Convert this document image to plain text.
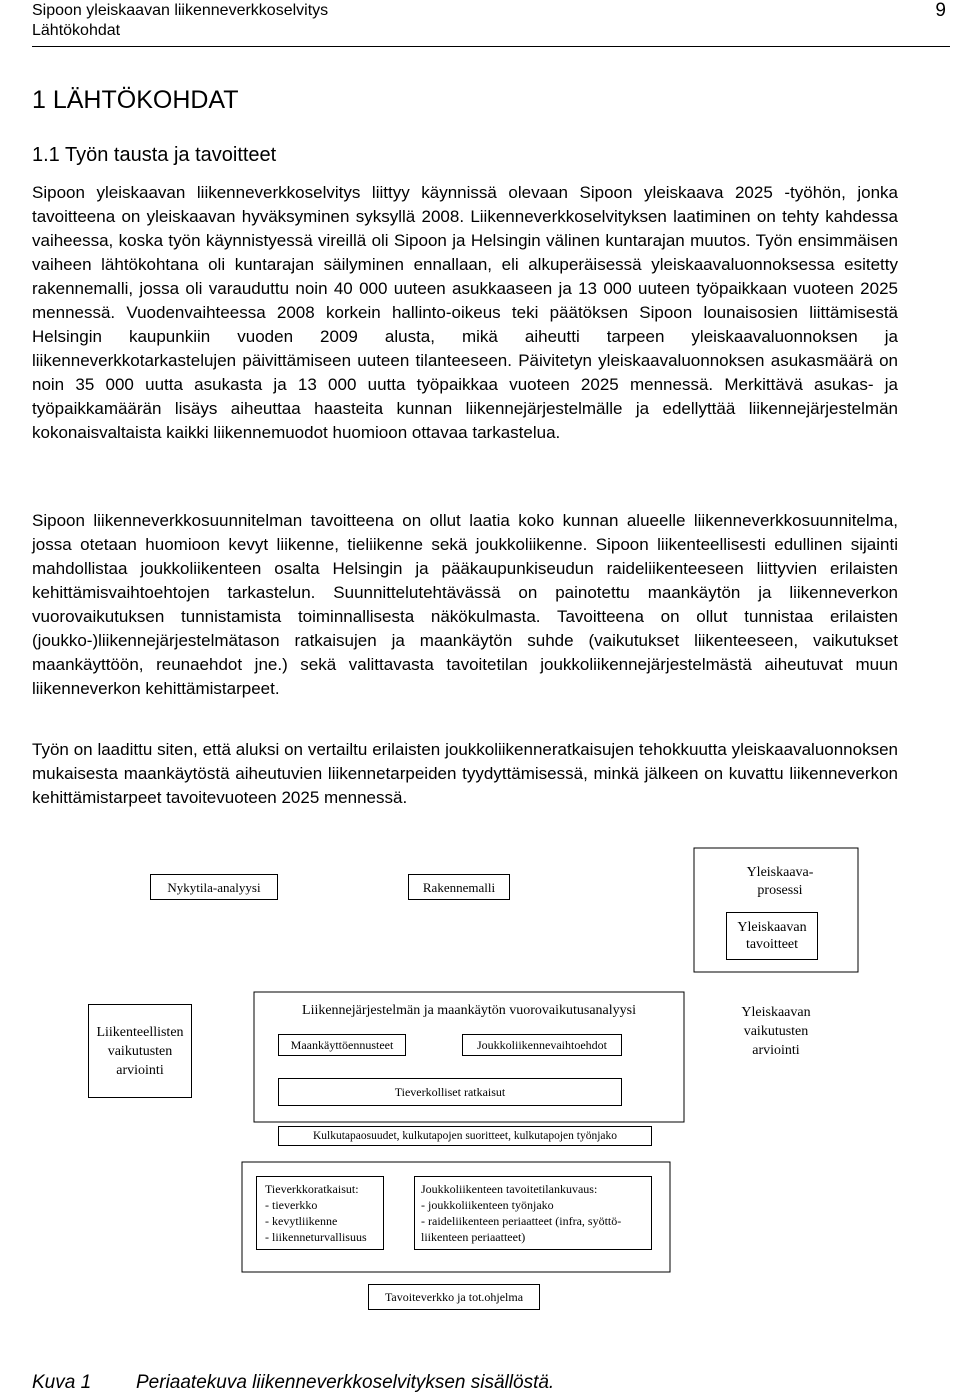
Sipoon yleiskaavan liikenneverkkoselvitys
Lähtökohdat
9
1 LÄHTÖKOHDAT
1.1 Työn tausta ja tavoitteet

Sipoon yleiskaavan liikenneverkkoselvitys liittyy käynnissä olevaan Sipoon yleiskaava 2025 -työhön, jonka tavoitteena on yleiskaavan hyväksyminen syksyllä 2008. Liikenneverkkoselvityksen laatiminen on tehty kahdessa vaiheessa, koska työn käynnistyessä vireillä oli Sipoon ja Helsingin välinen kuntarajan muutos. Työn ensimmäisen vaiheen lähtökohtana oli kuntarajan säilyminen ennallaan, eli alkuperäisessä yleiskaavaluonnoksessa esitetty rakennemalli, jossa oli varauduttu noin 40 000 uuteen asukkaaseen ja 13 000 uuteen työpaikkaan vuoteen 2025 mennessä. Vuodenvaihteessa 2008 korkein hallinto-oikeus teki päätöksen Sipoon lounaisosien liittämisestä Helsingin kaupunkiin vuoden 2009 alusta, mikä aiheutti tarpeen yleiskaavaluonnoksen ja liikenneverkkotarkastelujen päivittämiseen uuteen tilanteeseen. Päivitetyn yleiskaavaluonnoksen asukasmäärä on noin 35 000 uutta asukasta ja 13 000 uutta työpaikkaa vuoteen 2025 mennessä. Merkittävä asukas- ja työpaikkamäärän lisäys aiheuttaa haasteita kunnan liikennejärjestelmälle ja edellyttää liikennejärjestelmän kokonaisvaltaista kaikki liikennemuodot huomioon ottavaa tarkastelua.

Sipoon liikenneverkkosuunnitelman tavoitteena on ollut laatia koko kunnan alueelle liikenneverkkosuunnitelma, jossa otetaan huomioon kevyt liikenne, tieliikenne sekä joukkoliikenne. Sipoon liikenteellisesti edullinen sijainti mahdollistaa joukkoliikenteen osalta Helsingin ja pääkaupunkiseudun raideliikenteeseen liittyvien erilaisten kehittämisvaihtoehtojen tarkastelun. Suunnittelutehtävässä on painotettu maankäytön ja liikenneverkon vuorovaikutuksen tunnistamista toiminnallisesta näkökulmasta. Tavoitteena on ollut tunnistaa erilaisten (joukko-)liikennejärjestelmätason ratkaisujen ja maankäytön suhde (vaikutukset liikenteeseen, vaikutukset maankäyttöön, reunaehdot jne.) sekä valittavasta tavoitetilan joukkoliikennejärjestelmästä aiheutuvat muun liikenneverkon kehittämistarpeet.

Työn on laadittu siten, että aluksi on vertailtu erilaisten joukkoliikenneratkaisujen tehokkuutta yleiskaavaluonnoksen mukaisesta maankäytöstä aiheutuvien liikennetarpeiden tyydyttämisessä, minkä jälkeen on kuvattu liikenneverkon kehittämistarpeet tavoitevuoteen 2025 mennessä.

Nykytila-analyysi	Rakennemalli
Yleiskaava-
prosessi
Yleiskaavan
tavoitteet
Liikenteellisten
vaikutusten
arviointi
Liikennejärjestelmän ja maankäytön vuorovaikutusanalyysi
Maankäyttöennusteet	Joukkoliikennevaihtoehdot
Tieverkolliset ratkaisut
Yleiskaavan
vaikutusten
arviointi
Kulkutapaosuudet, kulkutapojen suoritteet, kulkutapojen työnjako
Tieverkkoratkaisut:
- tieverkko
- kevytliikenne
- liikenneturvallisuus
Joukkoliikenteen tavoitetilankuvaus:
- joukkoliikenteen työnjako
- raideliikenteen periaatteet (infra, syöttö-
liikenteen periaatteet)
Tavoiteverkko ja tot.ohjelma
Kuva 1 Periaatekuva liikenneverkkoselvityksen sisällöstä.
